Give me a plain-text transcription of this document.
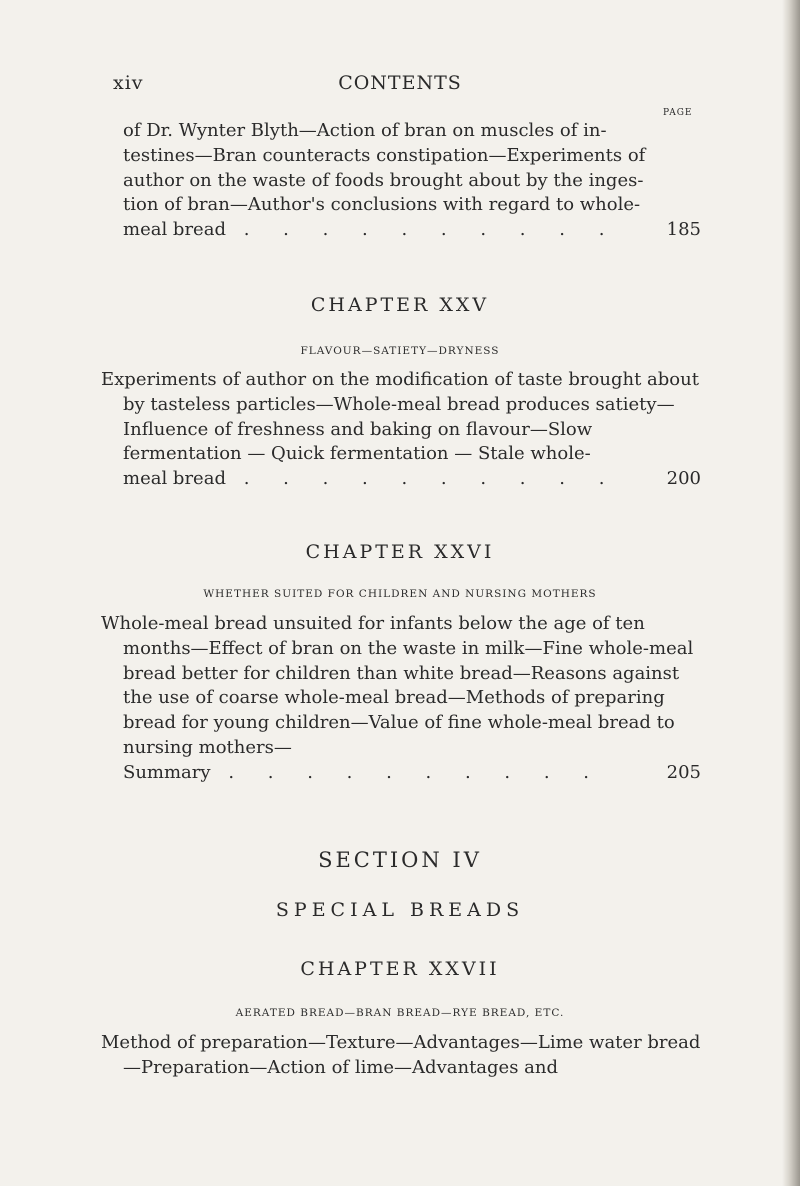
CONTENTS
xiv
PAGE

of Dr. Wynter Blyth—Action of bran on muscles of in-

testines—Bran counteracts constipation—Experiments of

author on the waste of foods brought about by the inges-

tion of bran—Author's conclusions with regard to whole-

meal bread . . . . . . . . . .	185
CHAPTER XXV
FLAVOUR—SATIETY—DRYNESS

Experiments of author on the modification of taste brought about by tasteless particles—Whole-meal bread produces satiety—Influence of freshness and baking on flavour—Slow fermentation — Quick fermentation — Stale whole-

meal bread . . . . . . . . . .	200
CHAPTER XXVI
WHETHER SUITED FOR CHILDREN AND NURSING MOTHERS

Whole-meal bread unsuited for infants below the age of ten months—Effect of bran on the waste in milk—Fine whole-meal bread better for children than white bread—Reasons against the use of coarse whole-meal bread—Methods of preparing bread for young children—Value of fine whole-meal bread to nursing mothers—

Summary . . . . . . . . . .	205
SECTION IV
SPECIAL BREADS
CHAPTER XXVII
AERATED BREAD—BRAN BREAD—RYE BREAD, ETC.

Method of preparation—Texture—Advantages—Lime water bread—Preparation—Action of lime—Advantages and
